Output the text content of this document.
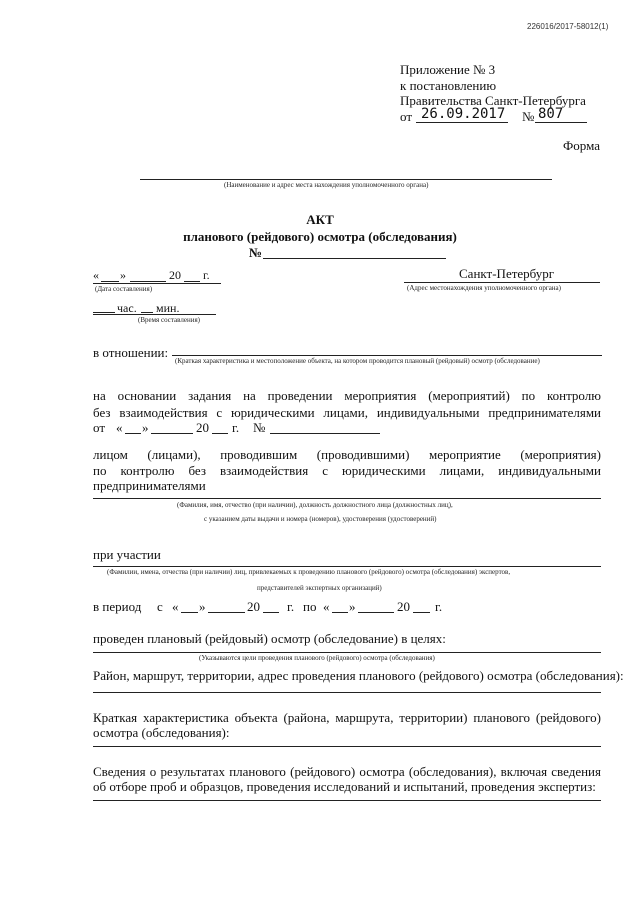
226016/2017-58012(1)
Приложение № 3
к постановлению
Правительства Санкт-Петербурга
от 26.09.2017 № 807
Форма
(Наименование и адрес места нахождения уполномоченного органа)
АКТ
планового (рейдового) осмотра (обследования)
№
« »	20 г.
(Дата составления)
Санкт-Петербург
(Адрес местонахождения уполномоченного органа)
час. мин.
(Время составления)
в отношении:
(Краткая характеристика и местоположение объекта, на котором проводится плановый (рейдовый) осмотр (обследование)
на основании задания на проведении мероприятия (мероприятий) по контролю
без взаимодействия с юридическими лицами, индивидуальными предпринимателями
от « »	20 г. №
лицом (лицами), проводившим (проводившими) мероприятие (мероприятия)
по контролю без взаимодействия с юридическими лицами, индивидуальными
предпринимателями
(Фамилия, имя, отчество (при наличии), должность должностного лица (должностных лиц),
с указанием даты выдачи и номера (номеров), удостоверения (удостоверений)
при участии
(Фамилии, имена, отчества (при наличии) лиц, привлекаемых к проведению планового (рейдового) осмотра (обследования) экспертов,
представителей экспертных организаций)
в период с « »	20 г. по « »	20 г.
проведен плановый (рейдовый) осмотр (обследование) в целях:
(Указываются цели проведения планового (рейдового) осмотра (обследования)
Район, маршрут, территории, адрес проведения планового (рейдового) осмотра (обследования):
Краткая характеристика объекта (района, маршрута, территории) планового (рейдового)
осмотра (обследования):
Сведения о результатах планового (рейдового) осмотра (обследования), включая сведения
об отборе проб и образцов, проведения исследований и испытаний, проведения экспертиз:
